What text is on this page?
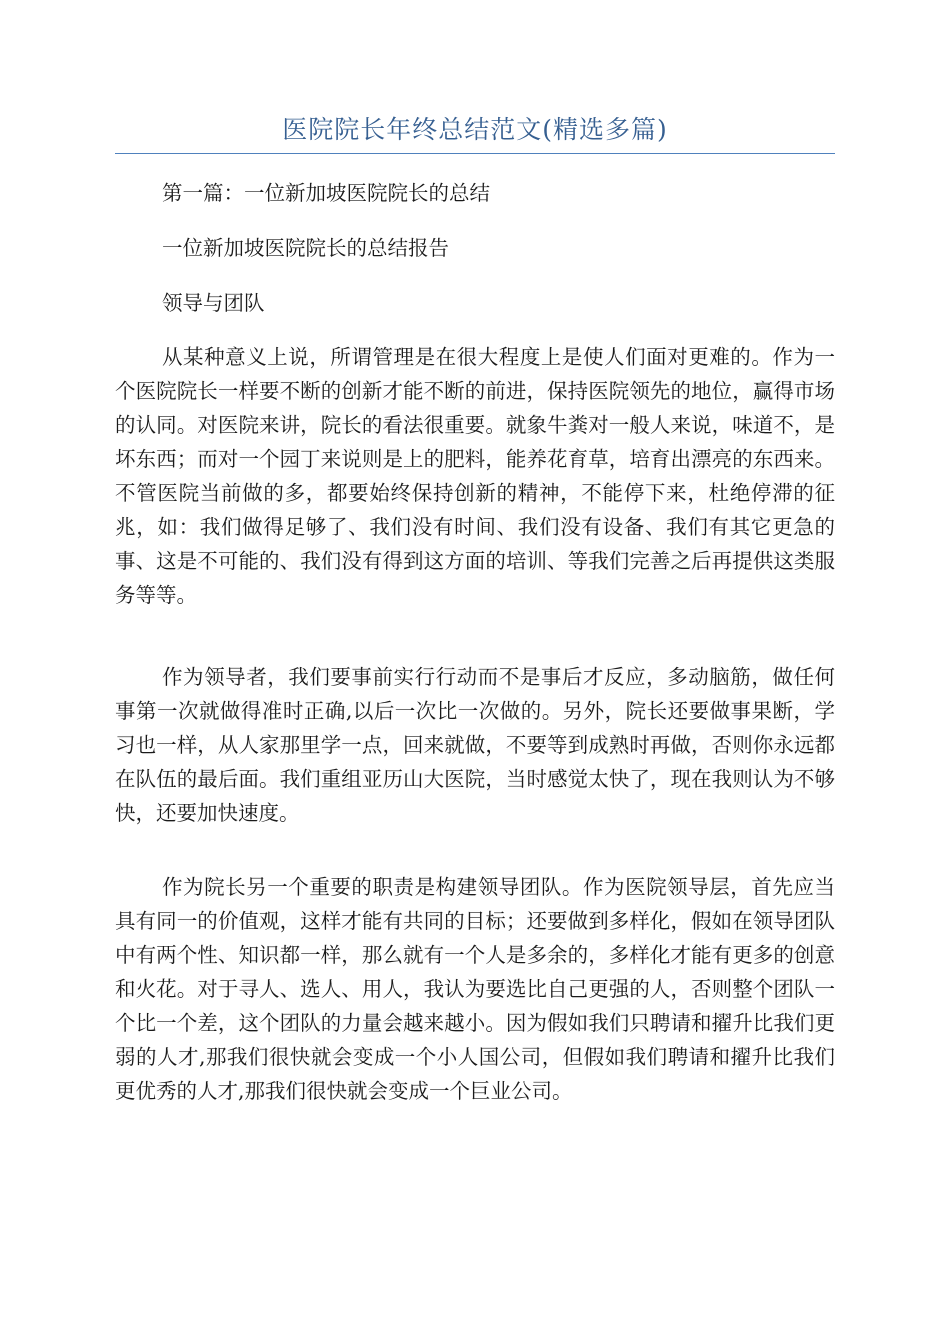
医院院长年终总结范文(精选多篇)

第一篇：一位新加坡医院院长的总结

一位新加坡医院院长的总结报告

领导与团队

从某种意义上说，所谓管理是在很大程度上是使人们面对更难的。作为一个医院院长一样要不断的创新才能不断的前进，保持医院领先的地位，赢得市场的认同。对医院来讲，院长的看法很重要。就象牛粪对一般人来说，味道不，是坏东西；而对一个园丁来说则是上的肥料，能养花育草，培育出漂亮的东西来。不管医院当前做的多，都要始终保持创新的精神，不能停下来，杜绝停滞的征兆，如：我们做得足够了、我们没有时间、我们没有设备、我们有其它更急的事、这是不可能的、我们没有得到这方面的培训、等我们完善之后再提供这类服务等等。

作为领导者，我们要事前实行行动而不是事后才反应，多动脑筋，做任何事第一次就做得准时正确,以后一次比一次做的。另外，院长还要做事果断，学习也一样，从人家那里学一点，回来就做，不要等到成熟时再做，否则你永远都在队伍的最后面。我们重组亚历山大医院，当时感觉太快了，现在我则认为不够快，还要加快速度。

作为院长另一个重要的职责是构建领导团队。作为医院领导层，首先应当具有同一的价值观，这样才能有共同的目标；还要做到多样化，假如在领导团队中有两个性、知识都一样，那么就有一个人是多余的，多样化才能有更多的创意和火花。对于寻人、选人、用人，我认为要选比自己更强的人，否则整个团队一个比一个差，这个团队的力量会越来越小。因为假如我们只聘请和擢升比我们更弱的人才,那我们很快就会变成一个小人国公司，但假如我们聘请和擢升比我们更优秀的人才,那我们很快就会变成一个巨业公司。
